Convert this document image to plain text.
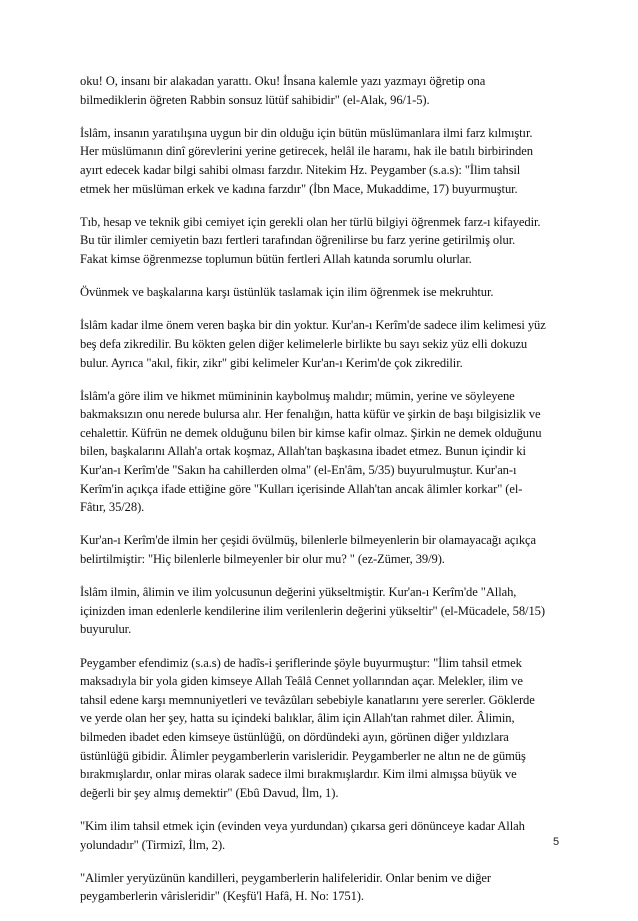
oku! O, insanı bir alakadan yarattı. Oku! İnsana kalemle yazı yazmayı öğretip ona
bilmediklerin öğreten Rabbin sonsuz lütüf sahibidir" (el-Alak, 96/1-5).

İslâm, insanın yaratılışına uygun bir din olduğu için bütün müslümanlara ilmi farz kılmıştır.
Her müslümanın dinî görevlerini yerine getirecek, helâl ile haramı, hak ile batılı birbirinden
ayırt edecek kadar bilgi sahibi olması farzdır. Nitekim Hz. Peygamber (s.a.s): "İlim tahsil
etmek her müslüman erkek ve kadına farzdır" (İbn Mace, Mukaddime, 17) buyurmuştur.

Tıb, hesap ve teknik gibi cemiyet için gerekli olan her türlü bilgiyi öğrenmek farz-ı kifayedir.
Bu tür ilimler cemiyetin bazı fertleri tarafından öğrenilirse bu farz yerine getirilmiş olur.
Fakat kimse öğrenmezse toplumun bütün fertleri Allah katında sorumlu olurlar.

Övünmek ve başkalarına karşı üstünlük taslamak için ilim öğrenmek ise mekruhtur.

İslâm kadar ilme önem veren başka bir din yoktur. Kur'an-ı Kerîm'de sadece ilim kelimesi yüz
beş defa zikredilir. Bu kökten gelen diğer kelimelerle birlikte bu sayı sekiz yüz elli dokuzu
bulur. Ayrıca "akıl, fikir, zikr" gibi kelimeler Kur'an-ı Kerim'de çok zikredilir.

İslâm'a göre ilim ve hikmet mümininin kaybolmuş malıdır; mümin, yerine ve söyleyene
bakmaksızın onu nerede bulursa alır. Her fenalığın, hatta küfür ve şirkin de başı bilgisizlik ve
cehalettir. Küfrün ne demek olduğunu bilen bir kimse kafir olmaz. Şirkin ne demek olduğunu
bilen, başkalarını Allah'a ortak koşmaz, Allah'tan başkasına ibadet etmez. Bunun içindir ki
Kur'an-ı Kerîm'de "Sakın ha cahillerden olma" (el-En'âm, 5/35) buyurulmuştur. Kur'an-ı
Kerîm'in açıkça ifade ettiğine göre "Kulları içerisinde Allah'tan ancak âlimler korkar" (el-
Fâtır, 35/28).

Kur'an-ı Kerîm'de ilmin her çeşidi övülmüş, bilenlerle bilmeyenlerin bir olamayacağı açıkça
belirtilmiştir: "Hiç bilenlerle bilmeyenler bir olur mu? " (ez-Zümer, 39/9).

İslâm ilmin, âlimin ve ilim yolcusunun değerini yükseltmiştir. Kur'an-ı Kerîm'de "Allah,
içinizden iman edenlerle kendilerine ilim verilenlerin değerini yükseltir" (el-Mücadele, 58/15)
buyurulur.

Peygamber efendimiz (s.a.s) de hadîs-i şeriflerinde şöyle buyurmuştur: "İlim tahsil etmek
maksadıyla bir yola giden kimseye Allah Teâlâ Cennet yollarından açar. Melekler, ilim ve
tahsil edene karşı memnuniyetleri ve tevâzûları sebebiyle kanatlarını yere sererler. Göklerde
ve yerde olan her şey, hatta su içindeki balıklar, âlim için Allah'tan rahmet diler. Âlimin,
bilmeden ibadet eden kimseye üstünlüğü, on dördündeki ayın, görünen diğer yıldızlara
üstünlüğü gibidir. Âlimler peygamberlerin varisleridir. Peygamberler ne altın ne de gümüş
bırakmışlardır, onlar miras olarak sadece ilmi bırakmışlardır. Kim ilmi almışsa büyük ve
değerli bir şey almış demektir" (Ebû Davud, İlm, 1).

"Kim ilim tahsil etmek için (evinden veya yurdundan) çıkarsa geri dönünceye kadar Allah
yolundadır" (Tirmizî, İlm, 2).

"Alimler yeryüzünün kandilleri, peygamberlerin halifeleridir. Onlar benim ve diğer
peygamberlerin vârisleridir" (Keşfü'l Hafâ, H. No: 1751).

5
